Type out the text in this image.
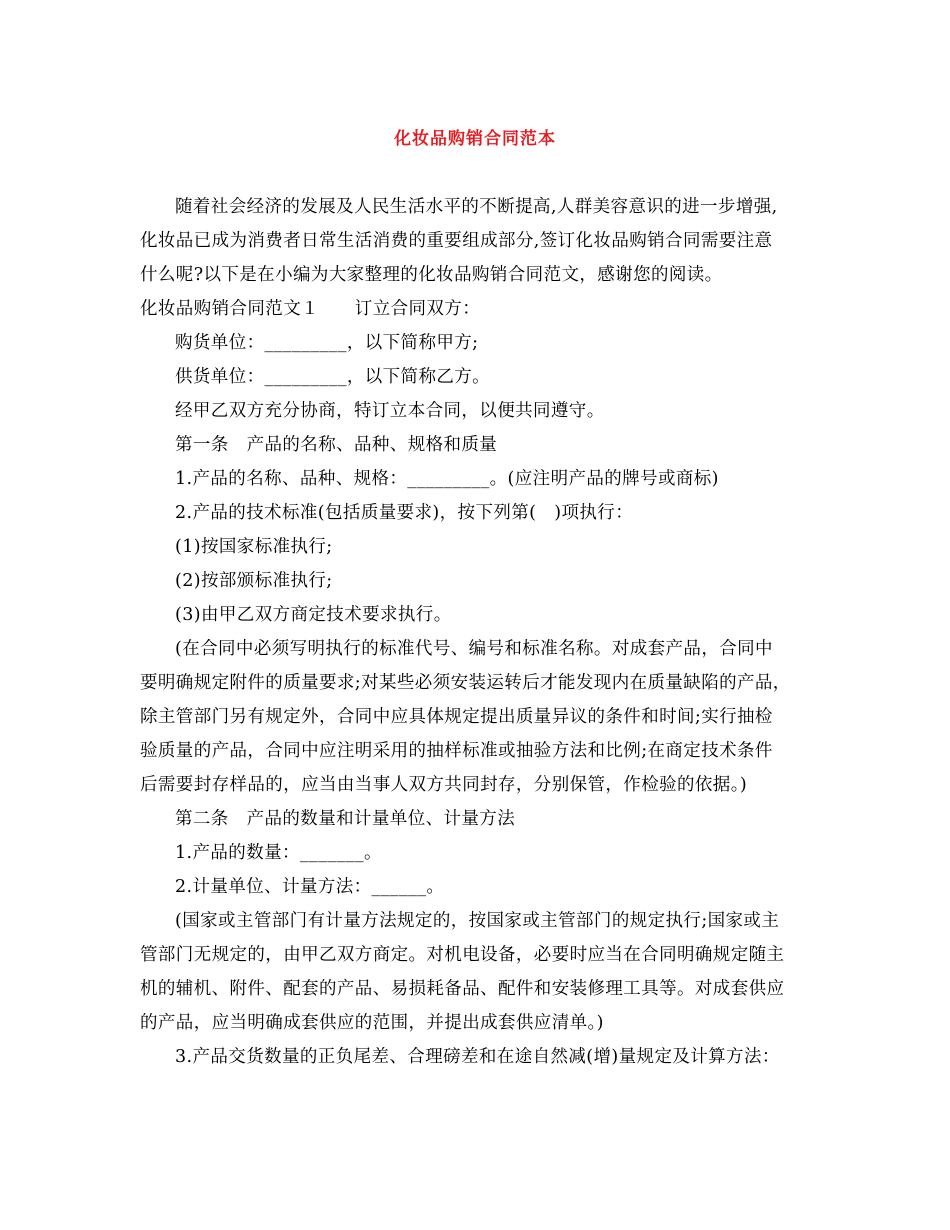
化妆品购销合同范本
随着社会经济的发展及人民生活水平的不断提高,人群美容意识的进一步增强,
化妆品已成为消费者日常生活消费的重要组成部分,签订化妆品购销合同需要注意
什么呢?以下是在小编为大家整理的化妆品购销合同范文，感谢您的阅读。
化妆品购销合同范文１　　订立合同双方：
购货单位：_________，以下简称甲方;
供货单位：_________，以下简称乙方。
经甲乙双方充分协商，特订立本合同，以便共同遵守。
第一条　产品的名称、品种、规格和质量
1.产品的名称、品种、规格：_________。(应注明产品的牌号或商标)
2.产品的技术标准(包括质量要求)，按下列第(　)项执行：
(1)按国家标准执行;
(2)按部颁标准执行;
(3)由甲乙双方商定技术要求执行。
(在合同中必须写明执行的标准代号、编号和标准名称。对成套产品，合同中
要明确规定附件的质量要求;对某些必须安装运转后才能发现内在质量缺陷的产品，
除主管部门另有规定外，合同中应具体规定提出质量异议的条件和时间;实行抽检
验质量的产品，合同中应注明采用的抽样标准或抽验方法和比例;在商定技术条件
后需要封存样品的，应当由当事人双方共同封存，分别保管，作检验的依据。)
第二条　产品的数量和计量单位、计量方法
1.产品的数量：_______。
2.计量单位、计量方法：______。
(国家或主管部门有计量方法规定的，按国家或主管部门的规定执行;国家或主
管部门无规定的，由甲乙双方商定。对机电设备，必要时应当在合同明确规定随主
机的辅机、附件、配套的产品、易损耗备品、配件和安装修理工具等。对成套供应
的产品，应当明确成套供应的范围，并提出成套供应清单。)
3.产品交货数量的正负尾差、合理磅差和在途自然减(增)量规定及计算方法：
